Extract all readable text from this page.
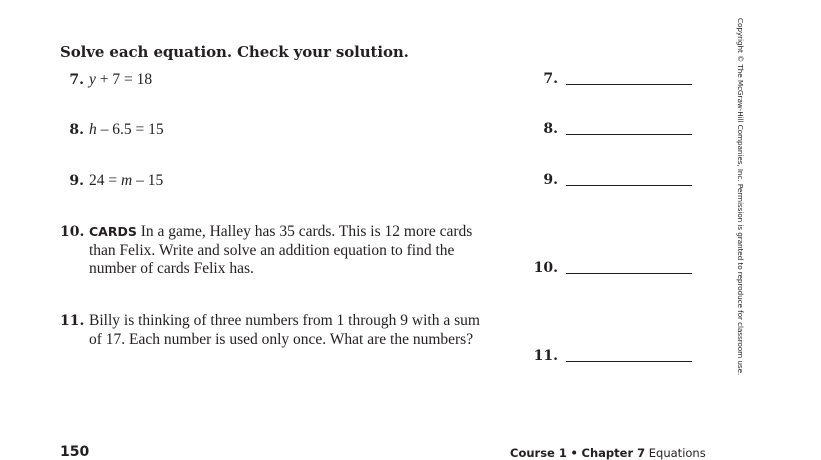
Solve each equation. Check your solution.
7. y + 7 = 18	7.
8. h – 6.5 = 15	8.
9. 24 = m – 15	9.
10. CARDS In a game, Halley has 35 cards. This is 12 more cards than Felix. Write and solve an addition equation to find the number of cards Felix has.	10.
11. Billy is thinking of three numbers from 1 through 9 with a sum of 17. Each number is used only once. What are the numbers?
11.
150	Course 1 • Chapter 7 Equations
Copyright © The McGraw-Hill Companies, Inc. Permission is granted to reproduce for classroom use.
